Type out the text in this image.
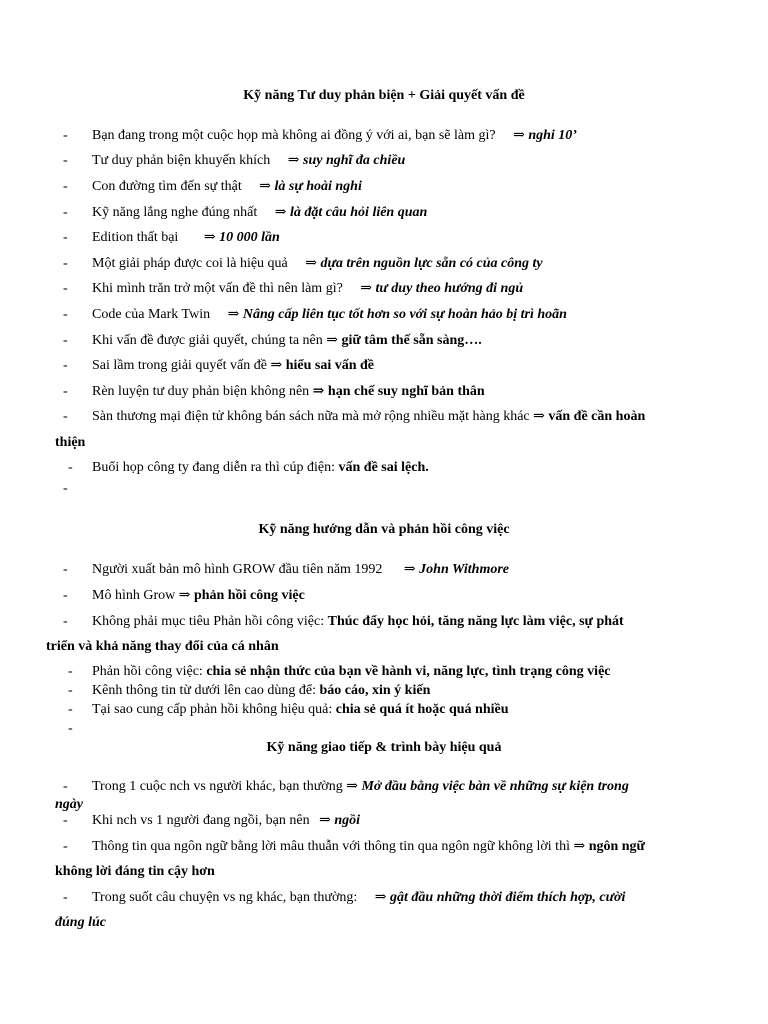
Kỹ năng Tư duy phản biện + Giải quyết vấn đề
- Bạn đang trong một cuộc họp mà không ai đồng ý với ai, bạn sẽ làm gì? ⇒ nghi 10’
- Tư duy phản biện khuyến khích ⇒ suy nghĩ đa chiều
- Con đường tìm đến sự thật ⇒ là sự hoài nghi
- Kỹ năng lắng nghe đúng nhất ⇒ là đặt câu hỏi liên quan
- Edition thất bại ⇒ 10 000 lần
- Một giải pháp được coi là hiệu quả ⇒ dựa trên nguồn lực sẵn có của công ty
- Khi mình trăn trở một vấn đề thì nên làm gì? ⇒ tư duy theo hướng đi ngủ
- Code của Mark Twin ⇒ Nâng cấp liên tục tốt hơn so với sự hoàn hảo bị trì hoãn
- Khi vấn đề được giải quyết, chúng ta nên ⇒ giữ tâm thế sẵn sàng….
- Sai lầm trong giải quyết vấn đề ⇒ hiểu sai vấn đề
- Rèn luyện tư duy phản biện không nên ⇒ hạn chế suy nghĩ bản thân
- Sàn thương mại điện tử không bán sách nữa mà mở rộng nhiều mặt hàng khác ⇒ vấn đề cần hoàn
thiện
- Buổi họp công ty đang diễn ra thì cúp điện: vấn đề sai lệch.
-
Kỹ năng hướng dẫn và phản hồi công việc
- Người xuất bản mô hình GROW đầu tiên năm 1992 ⇒ John Withmore
- Mô hình Grow ⇒ phản hồi công việc
- Không phải mục tiêu Phản hồi công việc: Thúc đẩy học hỏi, tăng năng lực làm việc, sự phát
triển và khả năng thay đổi của cá nhân
- Phản hồi công việc: chia sẻ nhận thức của bạn về hành vi, năng lực, tình trạng công việc
- Kênh thông tin từ dưới lên cao dùng để: báo cáo, xin ý kiến
- Tại sao cung cấp phản hồi không hiệu quả: chia sẻ quá ít hoặc quá nhiều
-
Kỹ năng giao tiếp & trình bày hiệu quả
- Trong 1 cuộc nch vs người khác, bạn thường ⇒ Mở đầu bằng việc bàn về những sự kiện trong
ngày
- Khi nch vs 1 người đang ngồi, bạn nên ⇒ ngồi
- Thông tin qua ngôn ngữ bằng lời mâu thuẫn với thông tin qua ngôn ngữ không lời thì ⇒ ngôn ngữ
không lời đáng tin cậy hơn
- Trong suốt câu chuyện vs ng khác, bạn thường: ⇒ gật đầu những thời điểm thích hợp, cười
đúng lúc
